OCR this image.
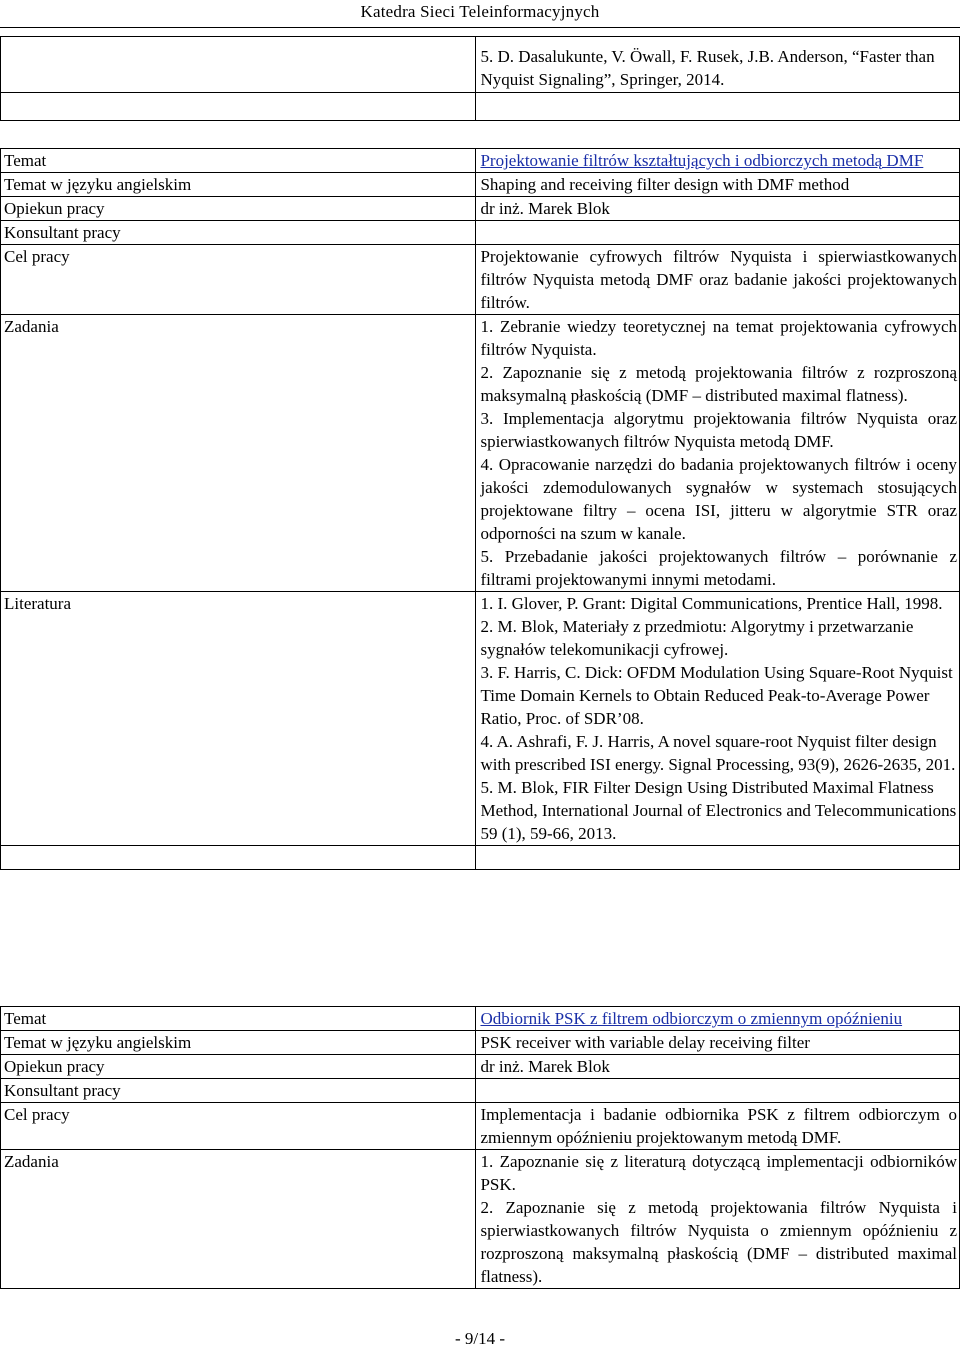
Katedra Sieci Teleinformacyjnych

	5. D. Dasalukunte, V. Öwall, F. Rusek, J.B. Anderson, “Faster than Nyquist Signaling”, Springer, 2014.

Temat	Projektowanie filtrów kształtujących i odbiorczych metodą DMF
Temat w języku angielskim	Shaping and receiving filter design with DMF method
Opiekun pracy	dr inż. Marek Blok
Konsultant pracy	
Cel pracy	Projektowanie cyfrowych filtrów Nyquista i spierwiastkowanych filtrów Nyquista metodą DMF oraz badanie jakości projektowanych filtrów.
Zadania	1. Zebranie wiedzy teoretycznej na temat projektowania cyfrowych filtrów Nyquista.
2. Zapoznanie się z metodą projektowania filtrów z rozproszoną maksymalną płaskością (DMF – distributed maximal flatness).
3. Implementacja algorytmu projektowania filtrów Nyquista oraz spierwiastkowanych filtrów Nyquista metodą DMF.
4. Opracowanie narzędzi do badania projektowanych filtrów i oceny jakości zdemodulowanych sygnałów w systemach stosujących projektowane filtry – ocena ISI, jitteru w algorytmie STR oraz odporności na szum w kanale.
5. Przebadanie jakości projektowanych filtrów – porównanie z filtrami projektowanymi innymi metodami.

Literatura	1. I. Glover, P. Grant: Digital Communications, Prentice Hall, 1998.
2. M. Blok, Materiały z przedmiotu: Algorytmy i przetwarzanie sygnałów telekomunikacji cyfrowej.
3. F. Harris, C. Dick: OFDM Modulation Using Square-Root Nyquist Time Domain Kernels to Obtain Reduced Peak-to-Average Power Ratio, Proc. of SDR’08.
4. A. Ashrafi, F. J. Harris, A novel square-root Nyquist filter design with prescribed ISI energy. Signal Processing, 93(9), 2626-2635, 201.
5. M. Blok, FIR Filter Design Using Distributed Maximal Flatness Method, International Journal of Electronics and Telecommunications 59 (1), 59-66, 2013.

Temat	Odbiornik PSK z filtrem odbiorczym o zmiennym opóźnieniu
Temat w języku angielskim	PSK receiver with variable delay receiving filter
Opiekun pracy	dr inż. Marek Blok
Konsultant pracy	
Cel pracy	Implementacja i badanie odbiornika PSK z filtrem odbiorczym o zmiennym opóźnieniu projektowanym metodą DMF.
Zadania	1. Zapoznanie się z literaturą dotyczącą implementacji odbiorników PSK.
2. Zapoznanie się z metodą projektowania filtrów Nyquista i spierwiastkowanych filtrów Nyquista o zmiennym opóźnieniu z rozproszoną maksymalną płaskością (DMF – distributed maximal flatness).
- 9/14 -
